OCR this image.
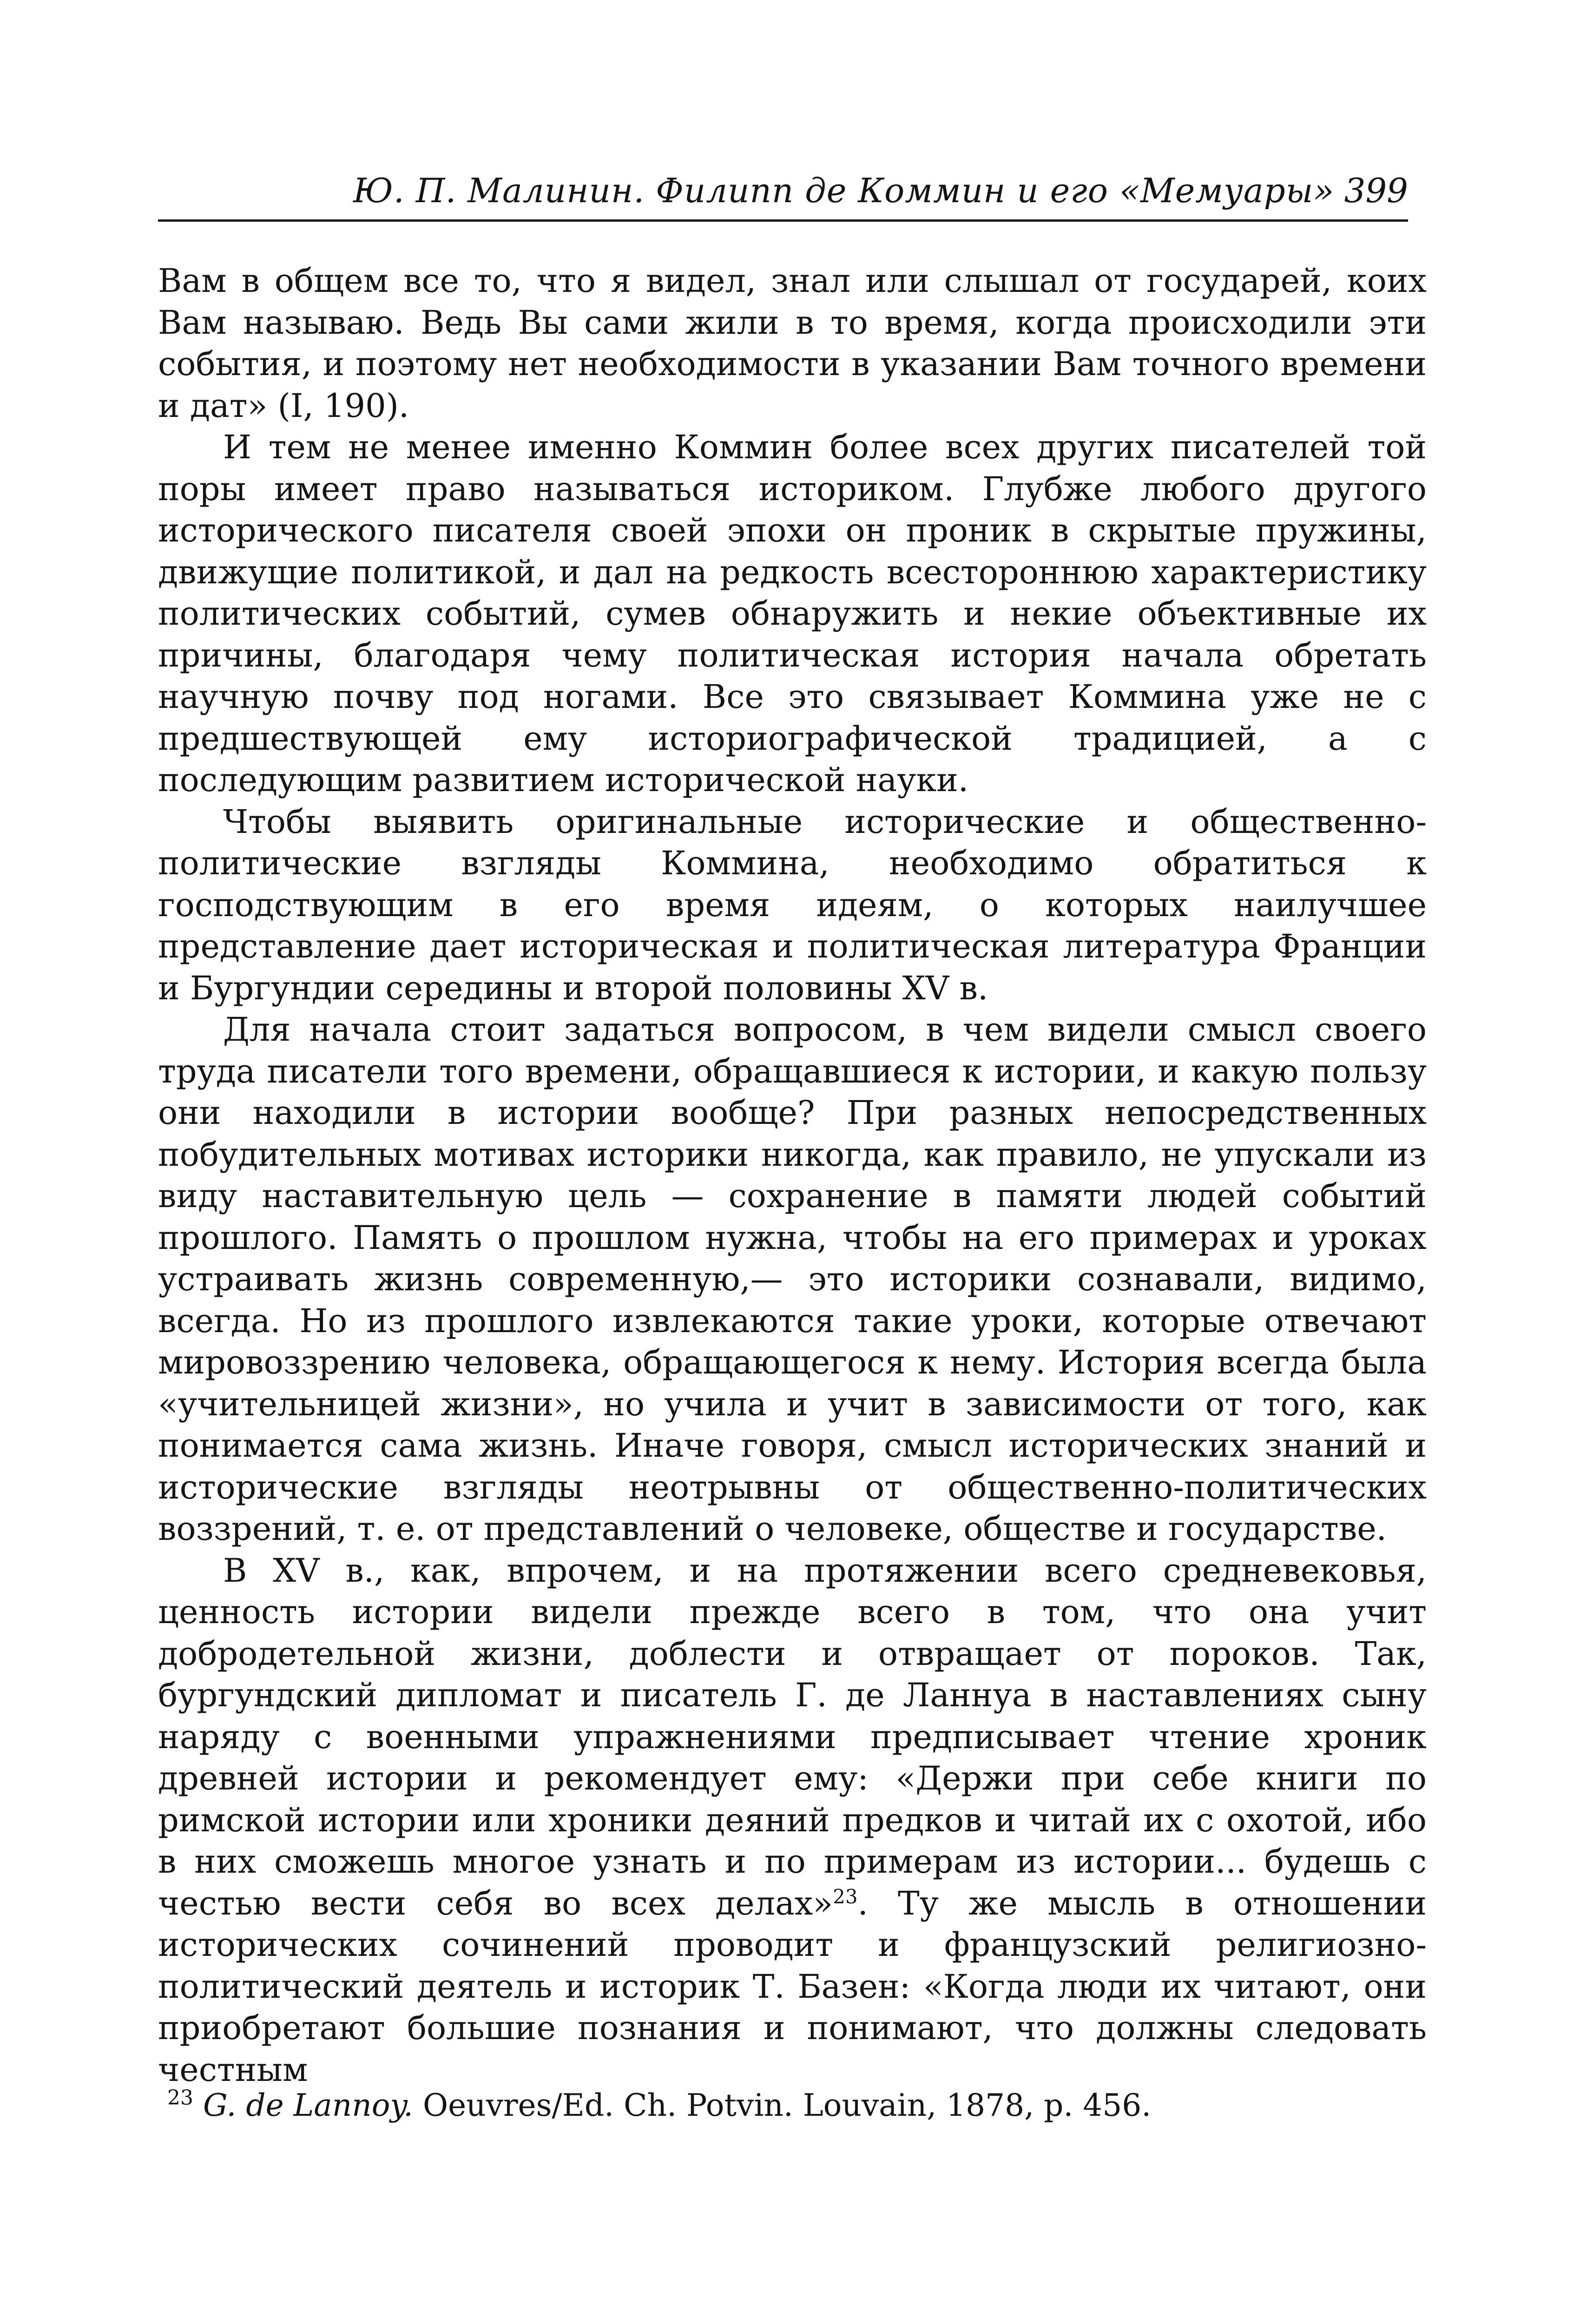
Ю. П. Малинин. Филипп де Коммин и его «Мемуары» 399

Вам в общем все то, что я видел, знал или слышал от государей, коих Вам называю. Ведь Вы сами жили в то время, когда происходили эти события, и поэтому нет необходимости в указании Вам точного времени и дат» (I, 190).

И тем не менее именно Коммин более всех других писателей той поры имеет право называться историком. Глубже любого другого исторического писателя своей эпохи он проник в скрытые пружины, движущие политикой, и дал на редкость всестороннюю характеристику политических событий, сумев обнаружить и некие объективные их причины, благодаря чему политическая история начала обретать научную почву под ногами. Все это связывает Коммина уже не с предшествующей ему историографической традицией, а с последующим развитием исторической науки.

Чтобы выявить оригинальные исторические и общественно-политические взгляды Коммина, необходимо обратиться к господствующим в его время идеям, о которых наилучшее представление дает историческая и политическая литература Франции и Бургундии середины и второй половины XV в.

Для начала стоит задаться вопросом, в чем видели смысл своего труда писатели того времени, обращавшиеся к истории, и какую пользу они находили в истории вообще? При разных непосредственных побудительных мотивах историки никогда, как правило, не упускали из виду наставительную цель — сохранение в памяти людей событий прошлого. Память о прошлом нужна, чтобы на его примерах и уроках устраивать жизнь современную,— это историки сознавали, видимо, всегда. Но из прошлого извлекаются такие уроки, которые отвечают мировоззрению человека, обращающегося к нему. История всегда была «учительницей жизни», но учила и учит в зависимости от того, как понимается сама жизнь. Иначе говоря, смысл исторических знаний и исторические взгляды неотрывны от общественно-политических воззрений, т. е. от представлений о человеке, обществе и государстве.

В XV в., как, впрочем, и на протяжении всего средневековья, ценность истории видели прежде всего в том, что она учит добродетельной жизни, доблести и отвращает от пороков. Так, бургундский дипломат и писатель Г. де Ланнуа в наставлениях сыну наряду с военными упражнениями предписывает чтение хроник древней истории и рекомендует ему: «Держи при себе книги по римской истории или хроники деяний предков и читай их с охотой, ибо в них сможешь многое узнать и по примерам из истории... будешь с честью вести себя во всех делах»$^{23}$. Ту же мысль в отношении исторических сочинений проводит и французский религиозно-политический деятель и историк Т. Базен: «Когда люди их читают, они приобретают большие познания и понимают, что должны следовать честным

$^{23}$ G. de Lannoy. Oeuvres/Ed. Ch. Potvin. Louvain, 1878, p. 456.
